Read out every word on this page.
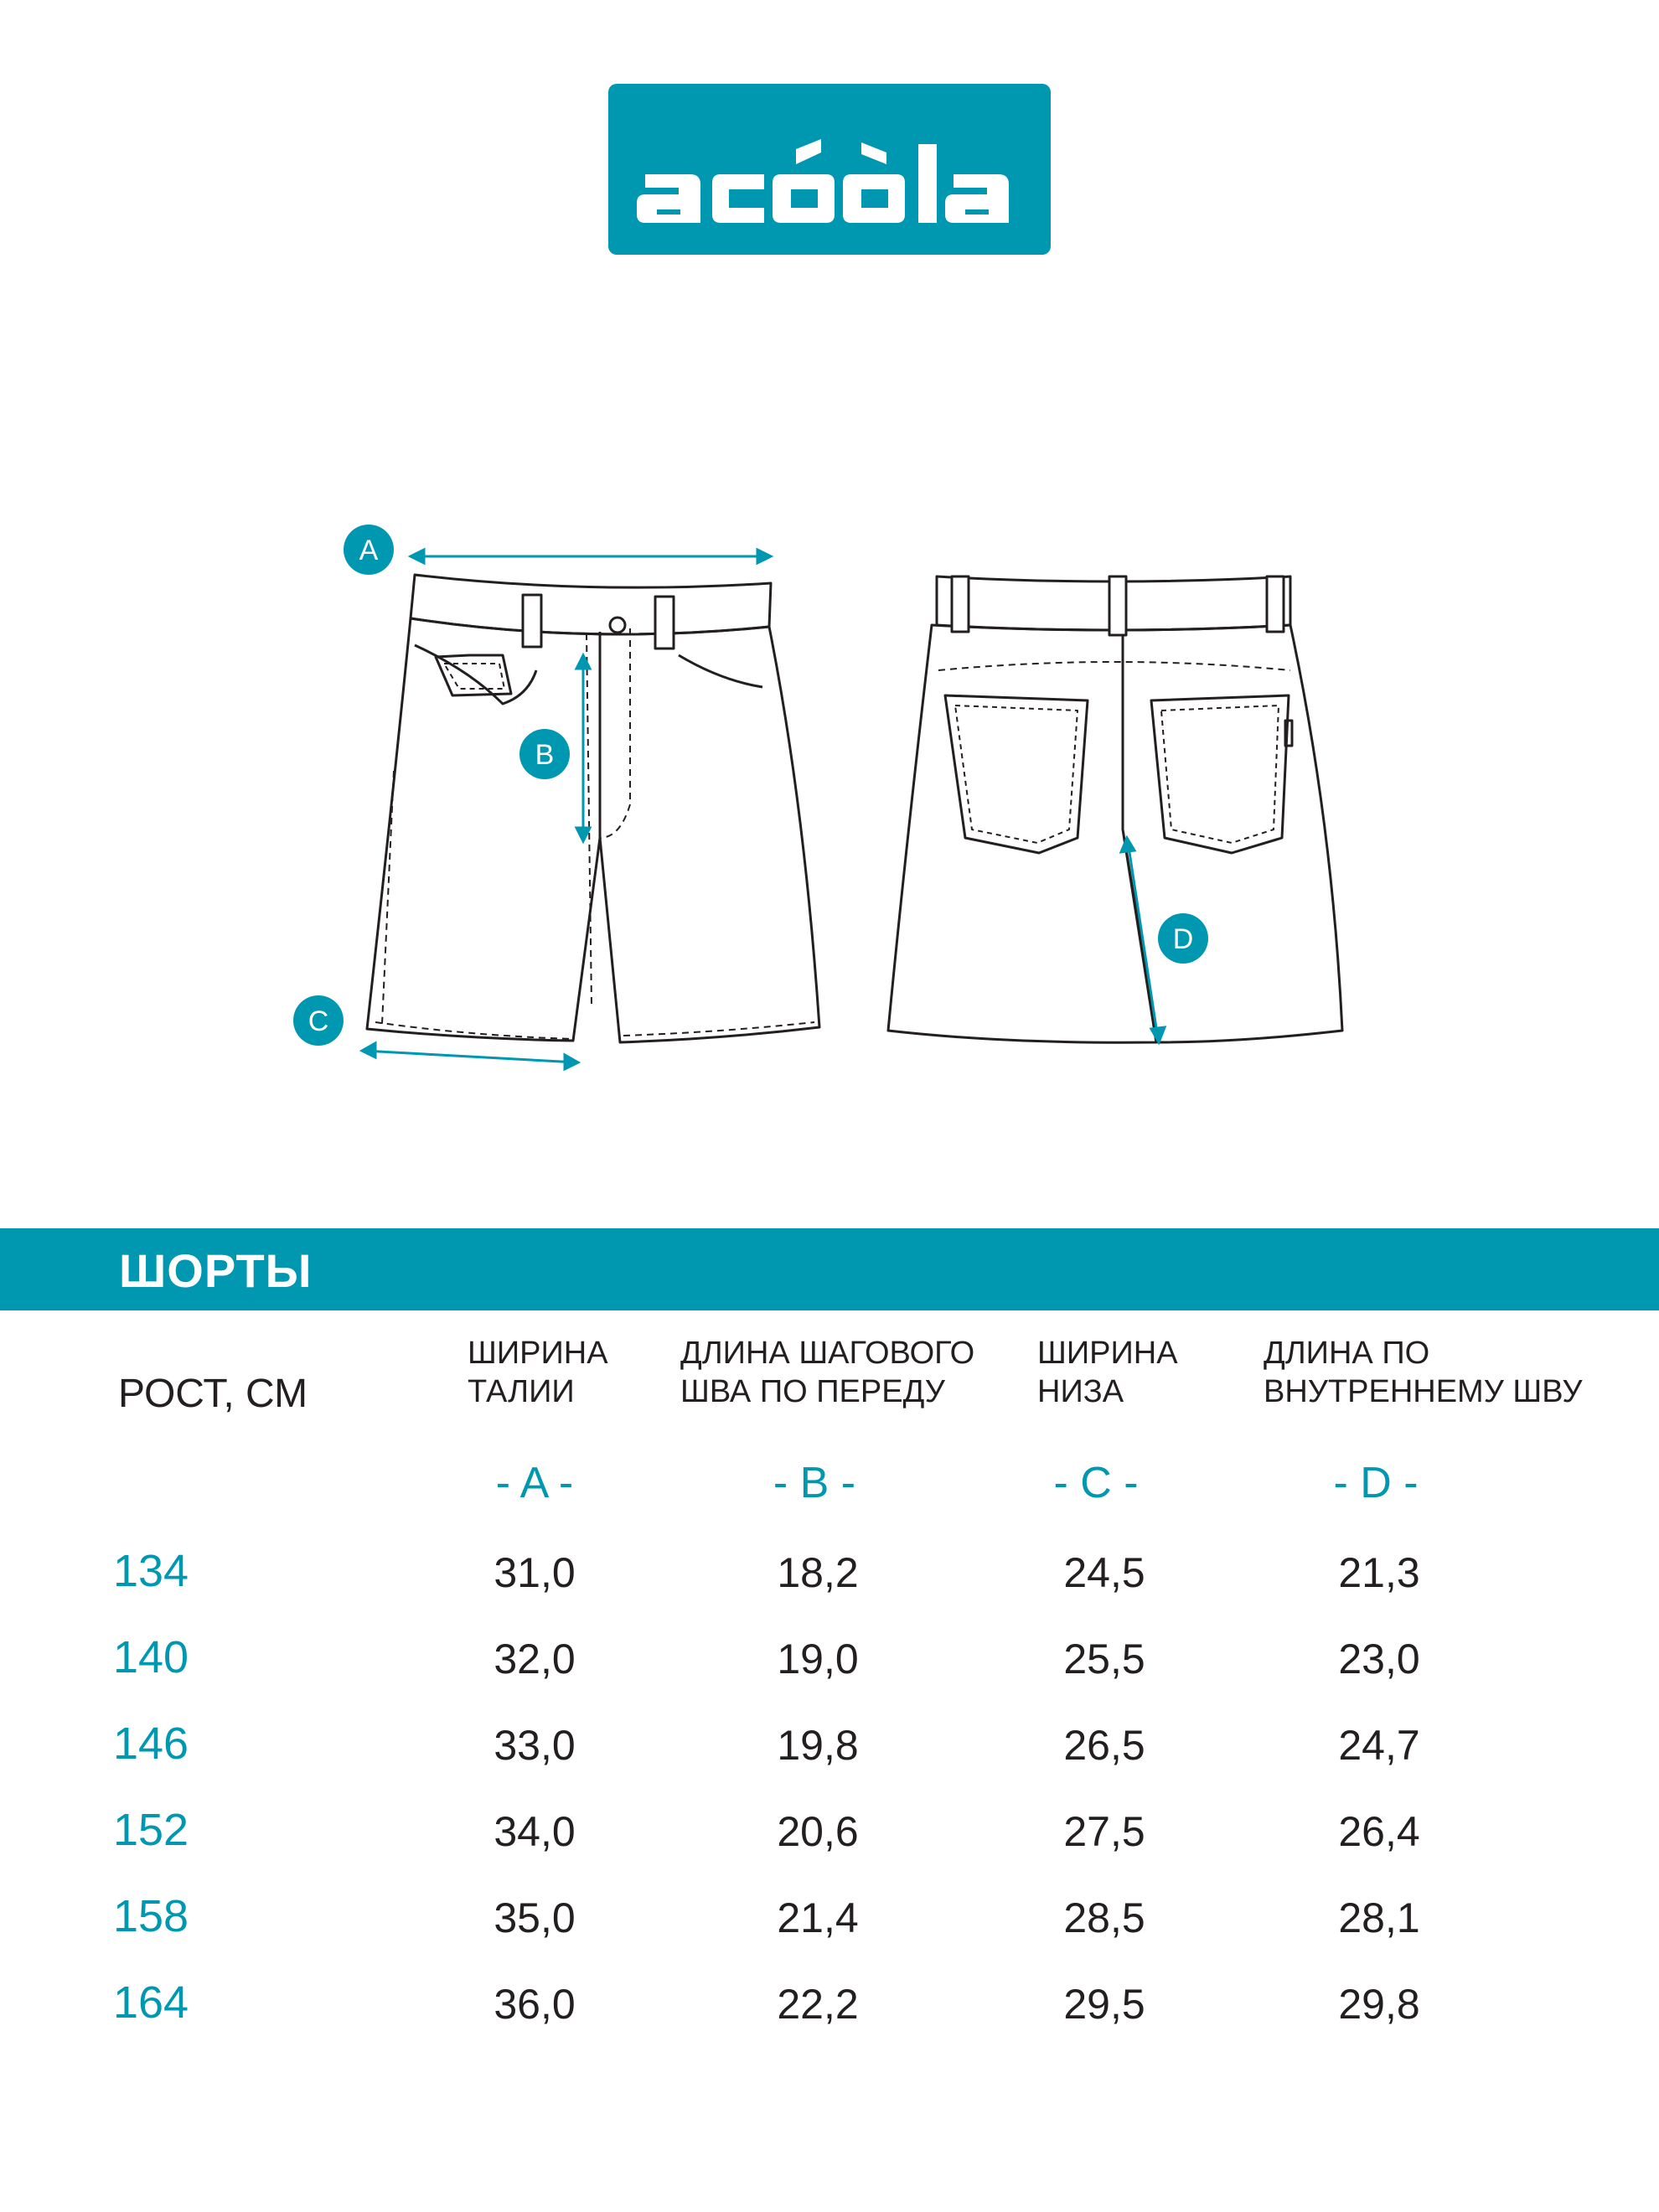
A
B
C
D
ШОРТЫ
РОСТ, СМ
ШИРИНА
ТАЛИИ
ДЛИНА ШАГОВОГО
ШВА ПО ПЕРЕДУ
ШИРИНА
НИЗА
ДЛИНА ПО
ВНУТРЕННЕМУ ШВУ
- A -	- B -	- C -	- D -
134	31,0	18,2	24,5	21,3
140	32,0	19,0	25,5	23,0
146	33,0	19,8	26,5	24,7
152	34,0	20,6	27,5	26,4
158	35,0	21,4	28,5	28,1
164	36,0	22,2	29,5	29,8
